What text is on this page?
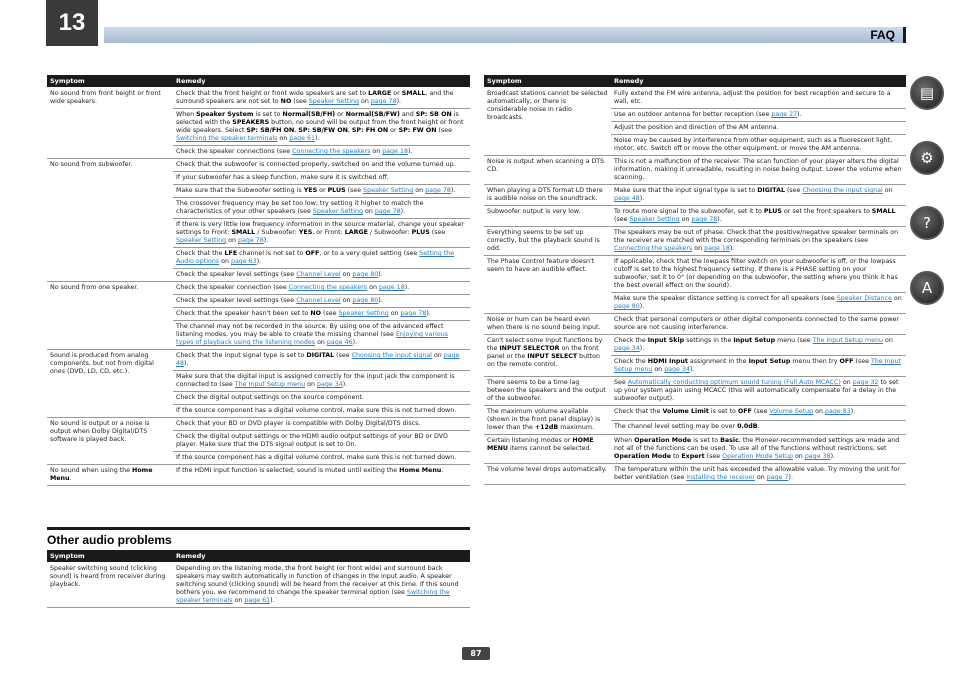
13	FAQ
Symptom	Remedy
No sound from front height or front wide speakers.	Check that the front height or front wide speakers are set to LARGE or SMALL, and the surround speakers are not set to NO (see Speaker Setting on page 78).
	When Speaker System is set to Normal(SB/FH) or Normal(SB/FW) and SP: SB ON is selected with the SPEAKERS button, no sound will be output from the front height or front wide speakers. Select SP: SB/FH ON, SP: SB/FW ON, SP: FH ON or SP: FW ON (see Switching the speaker terminals on page 61).
	Check the speaker connections (see Connecting the speakers on page 18).
No sound from subwoofer.	Check that the subwoofer is connected properly, switched on and the volume turned up.
	If your subwoofer has a sleep function, make sure it is switched off.
	Make sure that the Subwoofer setting is YES or PLUS (see Speaker Setting on page 78).
	The crossover frequency may be set too low; try setting it higher to match the characteristics of your other speakers (see Speaker Setting on page 78).
	If there is very little low frequency information in the source material, change your speaker settings to Front: SMALL / Subwoofer: YES, or Front: LARGE / Subwoofer: PLUS (see Speaker Setting on page 78).
	Check that the LFE channel is not set to OFF, or to a very quiet setting (see Setting the Audio options on page 63).
	Check the speaker level settings (see Channel Level on page 80).
No sound from one speaker.	Check the speaker connection (see Connecting the speakers on page 18).
	Check the speaker level settings (see Channel Level on page 80).
	Check that the speaker hasn't been set to NO (see Speaker Setting on page 78).
	The channel may not be recorded in the source. By using one of the advanced effect listening modes, you may be able to create the missing channel (see Enjoying various types of playback using the listening modes on page 46).
Sound is produced from analog components, but not from digital ones (DVD, LD, CD, etc.).	Check that the input signal type is set to DIGITAL (see Choosing the input signal on page 48).
	Make sure that the digital input is assigned correctly for the input jack the component is connected to (see The Input Setup menu on page 34).
	Check the digital output settings on the source component.
	If the source component has a digital volume control, make sure this is not turned down.
No sound is output or a noise is output when Dolby Digital/DTS software is played back.	Check that your BD or DVD player is compatible with Dolby Digital/DTS discs.
	Check the digital output settings or the HDMI audio output settings of your BD or DVD player. Make sure that the DTS signal output is set to On.
	If the source component has a digital volume control, make sure this is not turned down.
No sound when using the Home Menu.	If the HDMI input function is selected, sound is muted until exiting the Home Menu.
Other audio problems
Symptom	Remedy
Speaker switching sound (clicking sound) is heard from receiver during playback.	Depending on the listening mode, the front height (or front wide) and surround back speakers may switch automatically in function of changes in the input audio. A speaker switching sound (clicking sound) will be heard from the receiver at this time. If this sound bothers you, we recommend to change the speaker terminal option (see Switching the speaker terminals on page 61).
Symptom	Remedy
Broadcast stations cannot be selected automatically, or there is considerable noise in radio broadcasts.	Fully extend the FM wire antenna, adjust the position for best reception and secure to a wall, etc.
	Use an outdoor antenna for better reception (see page 27).
	Adjust the position and direction of the AM antenna.
	Noise may be caused by interference from other equipment, such as a fluorescent light, motor, etc. Switch off or move the other equipment, or move the AM antenna.
Noise is output when scanning a DTS CD.	This is not a malfunction of the receiver. The scan function of your player alters the digital information, making it unreadable, resulting in noise being output. Lower the volume when scanning.
When playing a DTS format LD there is audible noise on the soundtrack.	Make sure that the input signal type is set to DIGITAL (see Choosing the input signal on page 48).
Subwoofer output is very low.	To route more signal to the subwoofer, set it to PLUS or set the front speakers to SMALL (see Speaker Setting on page 78).
Everything seems to be set up correctly, but the playback sound is odd.	The speakers may be out of phase. Check that the positive/negative speaker terminals on the receiver are matched with the corresponding terminals on the speakers (see Connecting the speakers on page 18).
The Phase Control feature doesn't seem to have an audible effect.	If applicable, check that the lowpass filter switch on your subwoofer is off, or the lowpass cutoff is set to the highest frequency setting. If there is a PHASE setting on your subwoofer, set it to 0° (or depending on the subwoofer, the setting where you think it has the best overall effect on the sound).
	Make sure the speaker distance setting is correct for all speakers (see Speaker Distance on page 80).
Noise or hum can be heard even when there is no sound being input.	Check that personal computers or other digital components connected to the same power source are not causing interference.
Can't select some Input functions by the INPUT SELECTOR on the front panel or the INPUT SELECT button on the remote control.	Check the Input Skip settings in the Input Setup menu (see The Input Setup menu on page 34).
	Check the HDMI Input assignment in the Input Setup menu then try OFF (see The Input Setup menu on page 34).
There seems to be a time lag between the speakers and the output of the subwoofer.	See Automatically conducting optimum sound tuning (Full Auto MCACC) on page 32 to set up your system again using MCACC (this will automatically compensate for a delay in the subwoofer output).
The maximum volume available (shown in the front panel display) is lower than the +12dB maximum.	Check that the Volume Limit is set to OFF (see Volume Setup on page 83).
	The channel level setting may be over 0.0dB.
Certain listening modes or HOME MENU items cannot be selected.	When Operation Mode is set to Basic, the Pioneer-recommended settings are made and not all of the functions can be used. To use all of the functions without restrictions, set Operation Mode to Expert (see Operation Mode Setup on page 38).
The volume level drops automatically.	The temperature within the unit has exceeded the allowable value. Try moving the unit for better ventilation (see Installing the receiver on page 7).
▤
⚙
?
A
87
